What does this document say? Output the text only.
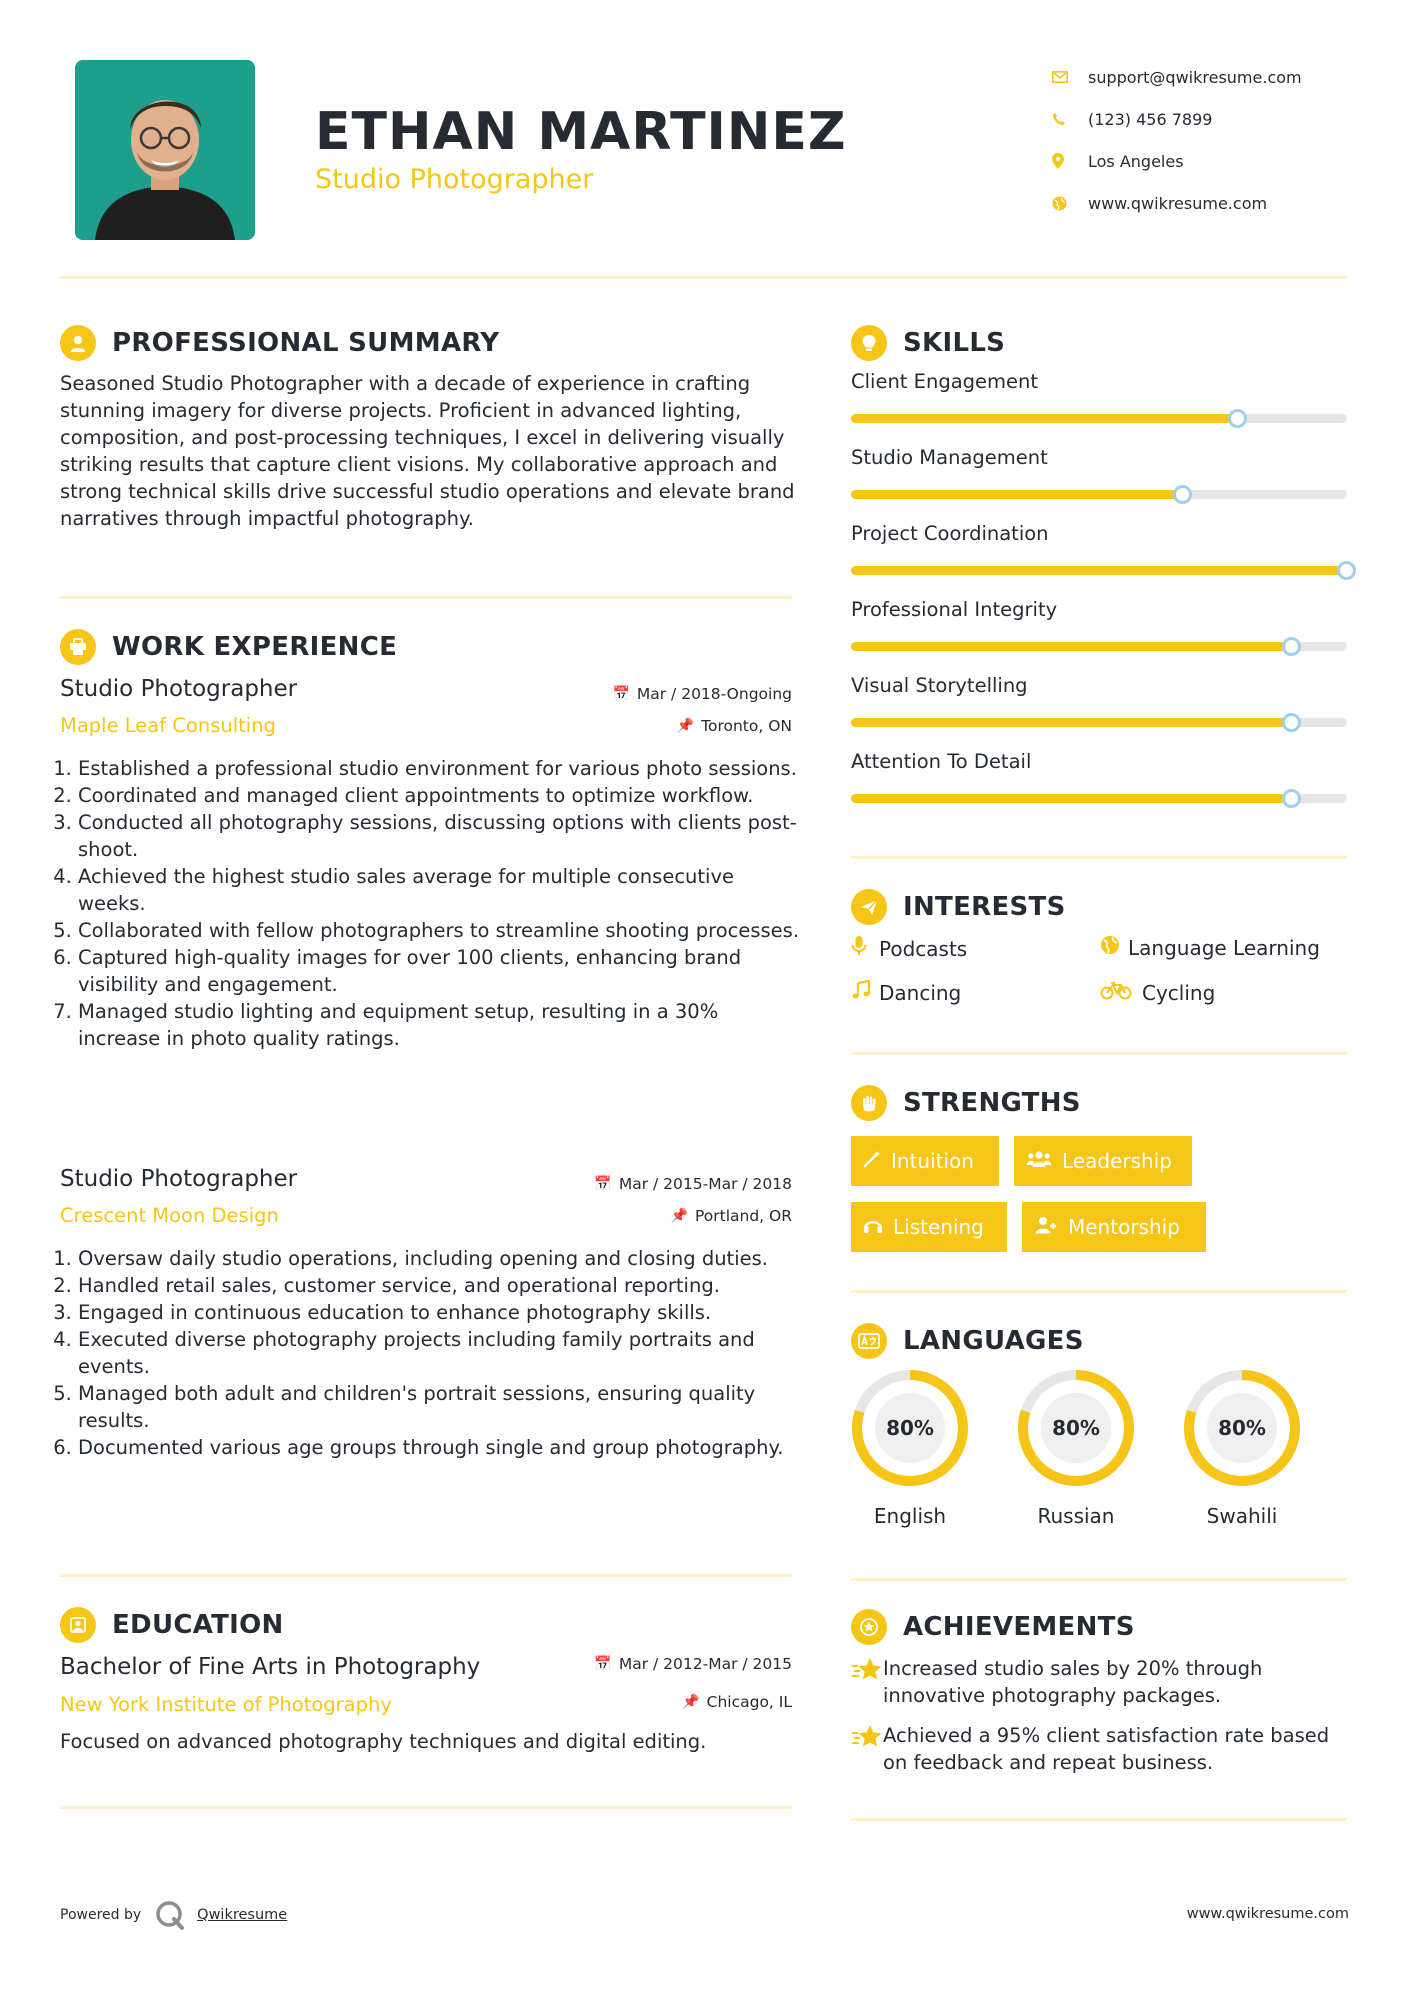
ETHAN MARTINEZ
Studio Photographer
support@qwikresume.com
(123) 456 7899
Los Angeles
www.qwikresume.com
PROFESSIONAL SUMMARY
Seasoned Studio Photographer with a decade of experience in crafting stunning imagery for diverse projects. Proficient in advanced lighting, composition, and post-processing techniques, I excel in delivering visually striking results that capture client visions. My collaborative approach and strong technical skills drive successful studio operations and elevate brand narratives through impactful photography.
WORK EXPERIENCE
Studio Photographer	📅 Mar / 2018-Ongoing
Maple Leaf Consulting	📌 Toronto, ON
1. Established a professional studio environment for various photo sessions.
2. Coordinated and managed client appointments to optimize workflow.
3. Conducted all photography sessions, discussing options with clients post-shoot.
4. Achieved the highest studio sales average for multiple consecutive weeks.
5. Collaborated with fellow photographers to streamline shooting processes.
6. Captured high-quality images for over 100 clients, enhancing brand visibility and engagement.
7. Managed studio lighting and equipment setup, resulting in a 30% increase in photo quality ratings.
Studio Photographer	📅 Mar / 2015-Mar / 2018
Crescent Moon Design	📌 Portland, OR
1. Oversaw daily studio operations, including opening and closing duties.
2. Handled retail sales, customer service, and operational reporting.
3. Engaged in continuous education to enhance photography skills.
4. Executed diverse photography projects including family portraits and events.
5. Managed both adult and children's portrait sessions, ensuring quality results.
6. Documented various age groups through single and group photography.
EDUCATION
Bachelor of Fine Arts in Photography	📅 Mar / 2012-Mar / 2015
New York Institute of Photography	📌 Chicago, IL
Focused on advanced photography techniques and digital editing.
SKILLS
Client Engagement
Studio Management
Project Coordination
Professional Integrity
Visual Storytelling
Attention To Detail
INTERESTS
Podcasts	Language Learning
Dancing	Cycling
STRENGTHS
Intuition	Leadership
Listening	Mentorship
LANGUAGES
80%
English
80%
Russian
80%
Swahili
ACHIEVEMENTS
Increased studio sales by 20% through innovative photography packages.
Achieved a 95% client satisfaction rate based on feedback and repeat business.
Powered by	Qwikresume	www.qwikresume.com
